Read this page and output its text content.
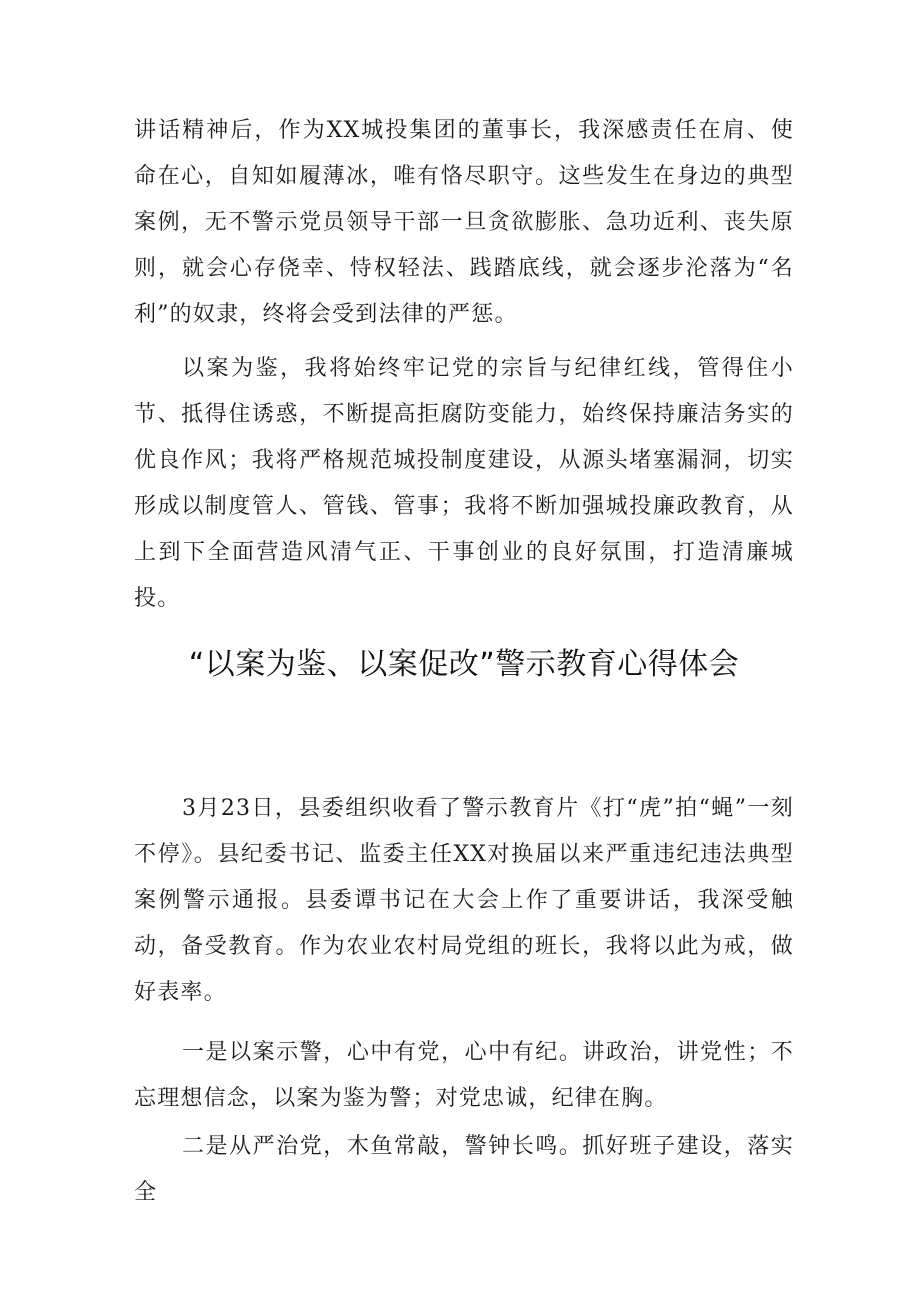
讲话精神后，作为XX城投集团的董事长，我深感责任在肩、使命在心，自知如履薄冰，唯有恪尽职守。这些发生在身边的典型案例，无不警示党员领导干部一旦贪欲膨胀、急功近利、丧失原则，就会心存侥幸、恃权轻法、践踏底线，就会逐步沦落为“名利”的奴隶，终将会受到法律的严惩。

以案为鉴，我将始终牢记党的宗旨与纪律红线，管得住小节、抵得住诱惑，不断提高拒腐防变能力，始终保持廉洁务实的优良作风；我将严格规范城投制度建设，从源头堵塞漏洞，切实形成以制度管人、管钱、管事；我将不断加强城投廉政教育，从上到下全面营造风清气正、干事创业的良好氛围，打造清廉城投。

“以案为鉴、以案促改”警示教育心得体会

3月23日，县委组织收看了警示教育片《打“虎”拍“蝇”一刻不停》。县纪委书记、监委主任XX对换届以来严重违纪违法典型案例警示通报。县委谭书记在大会上作了重要讲话，我深受触动，备受教育。作为农业农村局党组的班长，我将以此为戒，做好表率。

一是以案示警，心中有党，心中有纪。讲政治，讲党性；不忘理想信念，以案为鉴为警；对党忠诚，纪律在胸。

二是从严治党，木鱼常敲，警钟长鸣。抓好班子建设，落实全
